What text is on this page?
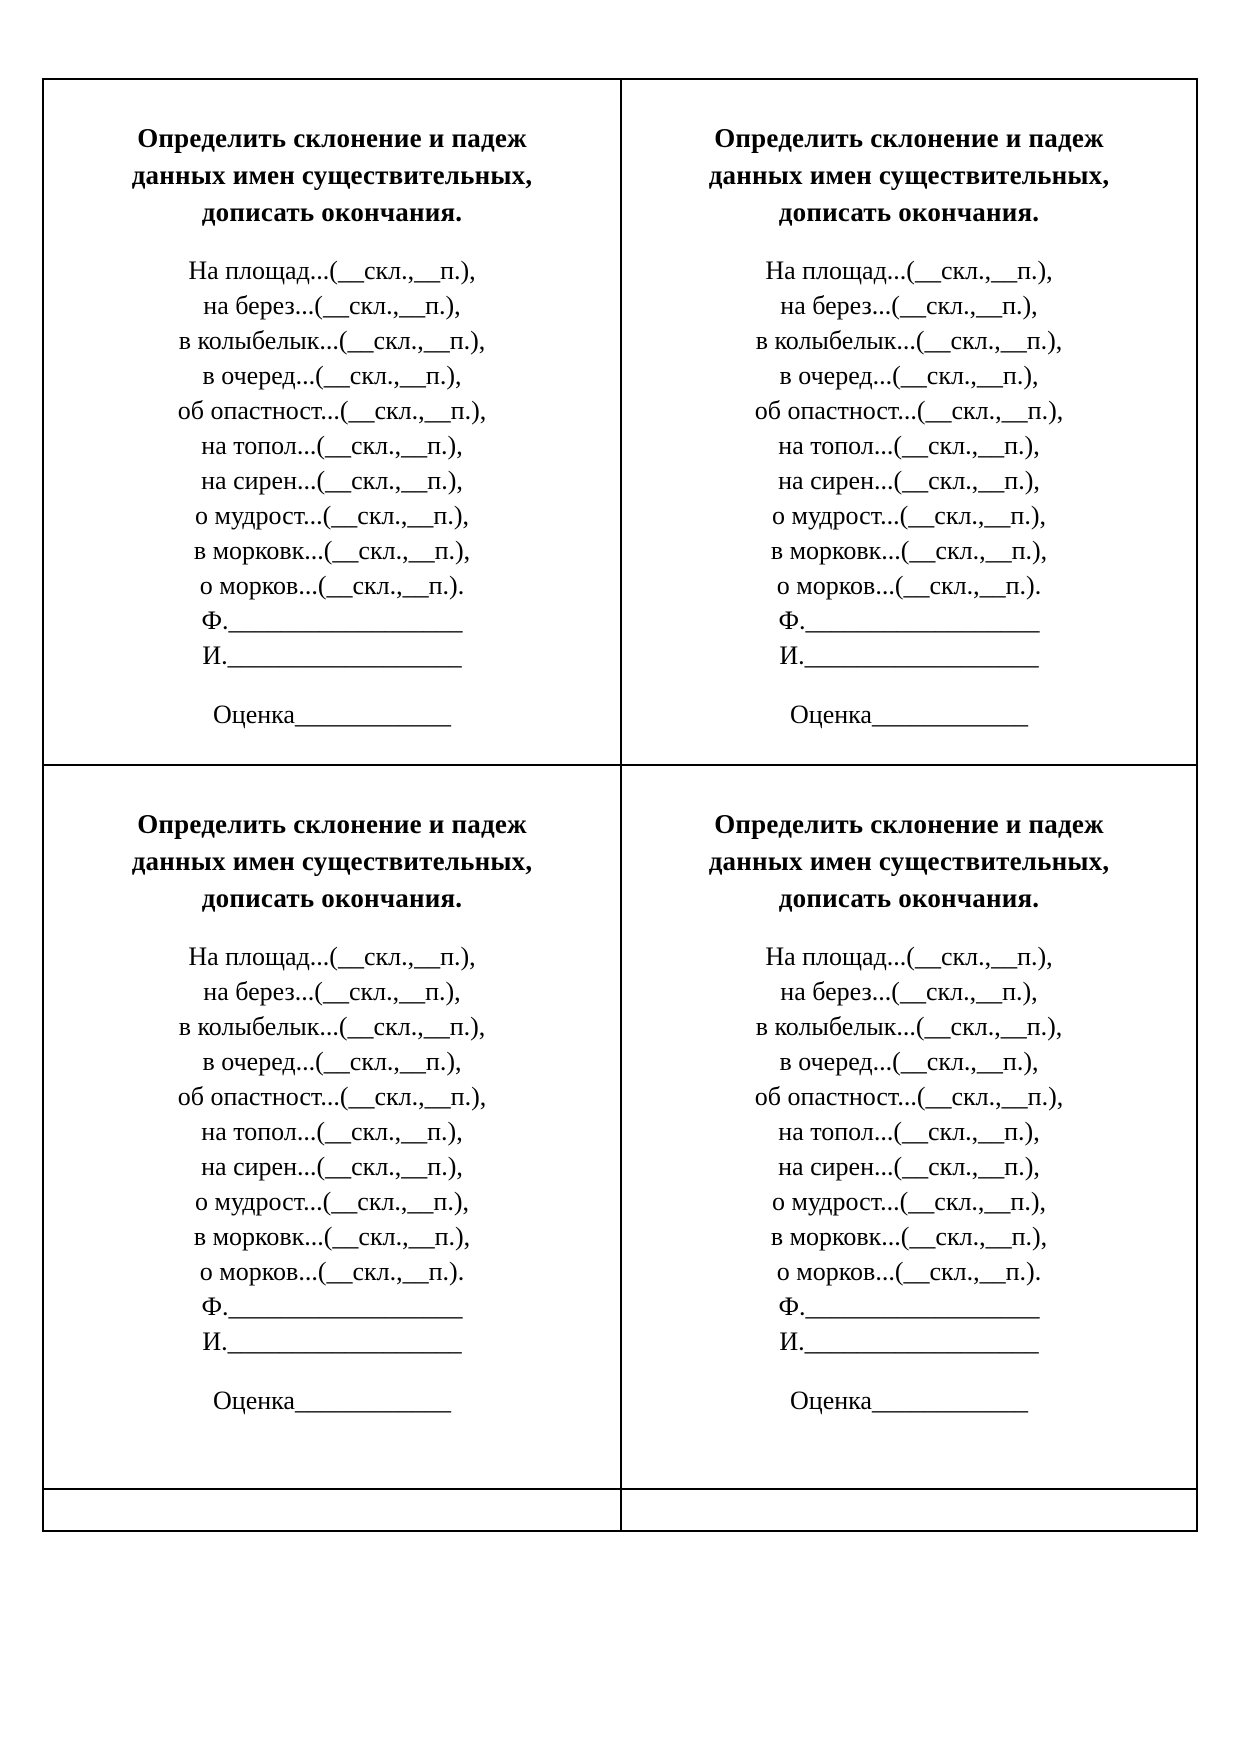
Определить склонение и падеж
данных имен существительных,
дописать окончания.
На площад...(__скл.,__п.),
на берез...(__скл.,__п.),
в колыбелык...(__скл.,__п.),
в очеред...(__скл.,__п.),
об опастност...(__скл.,__п.),
на топол...(__скл.,__п.),
на сирен...(__скл.,__п.),
о мудрост...(__скл.,__п.),
в морковк...(__скл.,__п.),
о морков...(__скл.,__п.).
Ф.__________________
И.__________________
Оценка____________
Определить склонение и падеж
данных имен существительных,
дописать окончания.
На площад...(__скл.,__п.),
на берез...(__скл.,__п.),
в колыбелык...(__скл.,__п.),
в очеред...(__скл.,__п.),
об опастност...(__скл.,__п.),
на топол...(__скл.,__п.),
на сирен...(__скл.,__п.),
о мудрост...(__скл.,__п.),
в морковк...(__скл.,__п.),
о морков...(__скл.,__п.).
Ф.__________________
И.__________________
Оценка____________
Определить склонение и падеж
данных имен существительных,
дописать окончания.
На площад...(__скл.,__п.),
на берез...(__скл.,__п.),
в колыбелык...(__скл.,__п.),
в очеред...(__скл.,__п.),
об опастност...(__скл.,__п.),
на топол...(__скл.,__п.),
на сирен...(__скл.,__п.),
о мудрост...(__скл.,__п.),
в морковк...(__скл.,__п.),
о морков...(__скл.,__п.).
Ф.__________________
И.__________________
Оценка____________
Определить склонение и падеж
данных имен существительных,
дописать окончания.
На площад...(__скл.,__п.),
на берез...(__скл.,__п.),
в колыбелык...(__скл.,__п.),
в очеред...(__скл.,__п.),
об опастност...(__скл.,__п.),
на топол...(__скл.,__п.),
на сирен...(__скл.,__п.),
о мудрост...(__скл.,__п.),
в морковк...(__скл.,__п.),
о морков...(__скл.,__п.).
Ф.__________________
И.__________________
Оценка____________
